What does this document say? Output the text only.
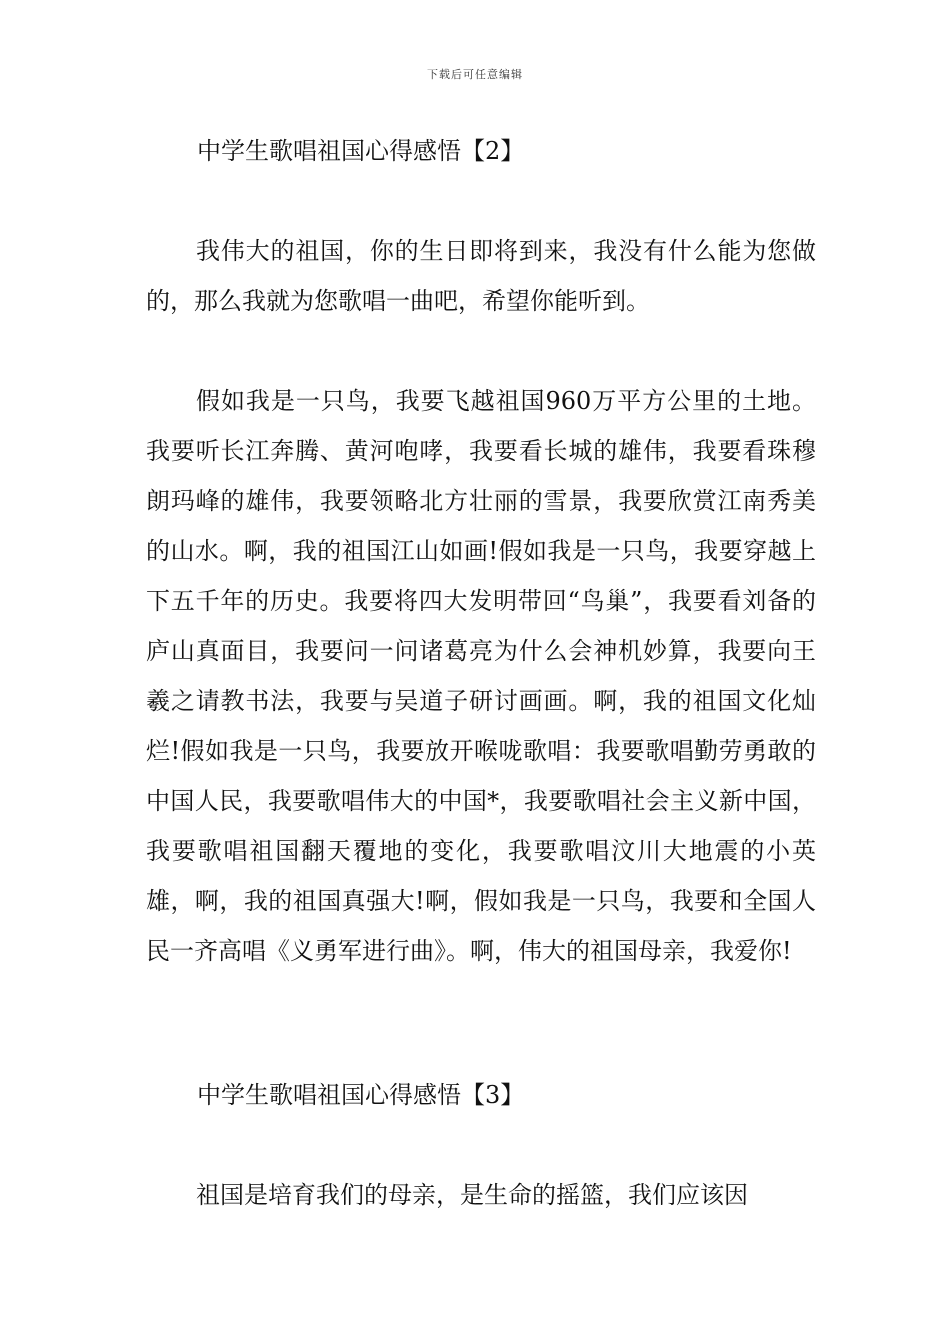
下载后可任意编辑
中学生歌唱祖国心得感悟【2】

我伟大的祖国，你的生日即将到来，我没有什么能为您做的，那么我就为您歌唱一曲吧，希望你能听到。

假如我是一只鸟，我要飞越祖国960万平方公里的土地。我要听长江奔腾、黄河咆哮，我要看长城的雄伟，我要看珠穆朗玛峰的雄伟，我要领略北方壮丽的雪景，我要欣赏江南秀美的山水。啊，我的祖国江山如画!假如我是一只鸟，我要穿越上下五千年的历史。我要将四大发明带回“鸟巢”，我要看刘备的庐山真面目，我要问一问诸葛亮为什么会神机妙算，我要向王羲之请教书法，我要与吴道子研讨画画。啊，我的祖国文化灿烂!假如我是一只鸟，我要放开喉咙歌唱：我要歌唱勤劳勇敢的中国人民，我要歌唱伟大的中国*，我要歌唱社会主义新中国，我要歌唱祖国翻天覆地的变化，我要歌唱汶川大地震的小英雄，啊，我的祖国真强大!啊，假如我是一只鸟，我要和全国人民一齐高唱《义勇军进行曲》。啊，伟大的祖国母亲，我爱你!

中学生歌唱祖国心得感悟【3】

祖国是培育我们的母亲，是生命的摇篮，我们应该因
